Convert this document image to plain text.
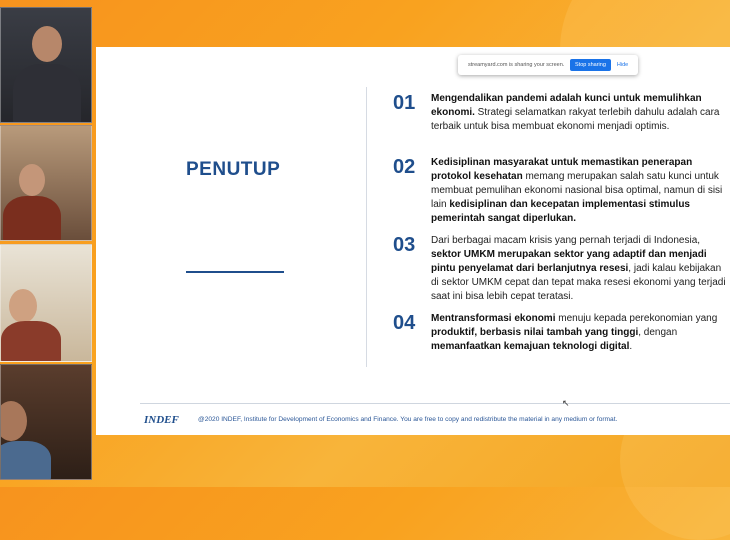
streamyard.com is sharing your screen.	Stop sharing	Hide
PENUTUP
01 Mengendalikan pandemi adalah kunci untuk memulihkan ekonomi. Strategi selamatkan rakyat terlebih dahulu adalah cara terbaik untuk bisa membuat ekonomi menjadi optimis.
02 Kedisiplinan masyarakat untuk memastikan penerapan protokol kesehatan memang merupakan salah satu kunci untuk membuat pemulihan ekonomi nasional bisa optimal, namun di sisi lain kedisiplinan dan kecepatan implementasi stimulus pemerintah sangat diperlukan.
03 Dari berbagai macam krisis yang pernah terjadi di Indonesia, sektor UMKM merupakan sektor yang adaptif dan menjadi pintu penyelamat dari berlanjutnya resesi, jadi kalau kebijakan di sektor UMKM cepat dan tepat maka resesi ekonomi yang terjadi saat ini bisa lebih cepat teratasi.
04 Mentransformasi ekonomi menuju kepada perekonomian yang produktif, berbasis nilai tambah yang tinggi, dengan memanfaatkan kemajuan teknologi digital.
INDEF	@2020 INDEF, Institute for Development of Economics and Finance. You are free to copy and redistribute the material in any medium or format.
↖
